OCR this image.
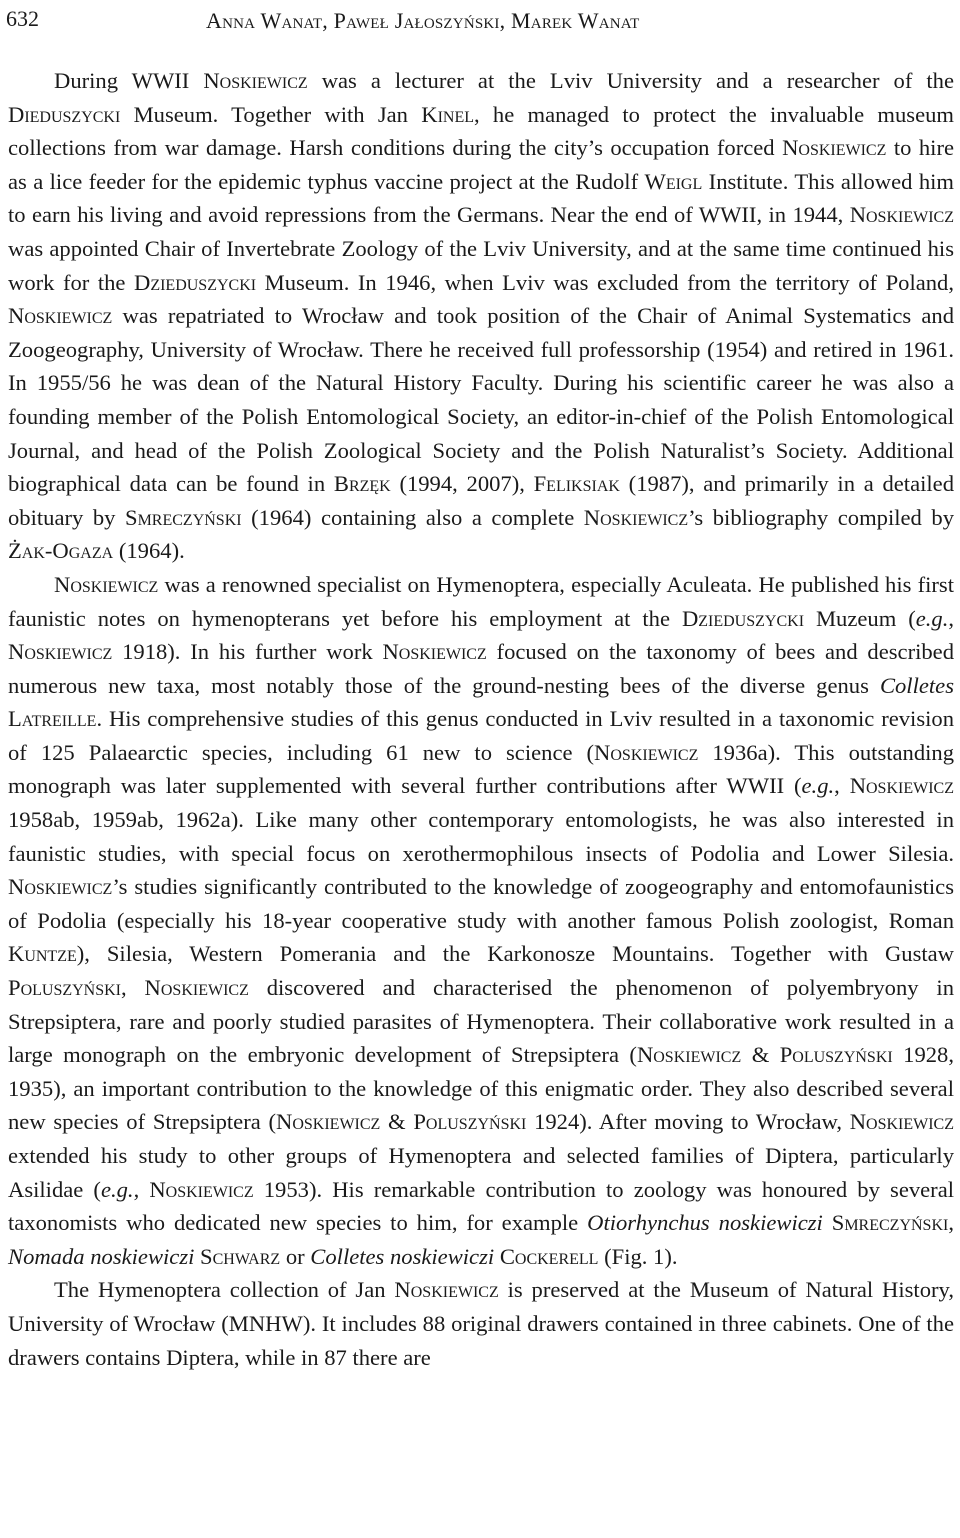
632	Anna Wanat, Paweł Jałoszyński, Marek Wanat

During WWII Noskiewicz was a lecturer at the Lviv University and a researcher of the Dieduszycki Museum. Together with Jan Kinel, he managed to protect the invaluable museum collections from war damage. Harsh conditions during the city’s occupation forced Noskiewicz to hire as a lice feeder for the epidemic typhus vaccine project at the Rudolf Weigl Institute. This allowed him to earn his living and avoid repressions from the Germans. Near the end of WWII, in 1944, Noskiewicz was appointed Chair of Invertebrate Zoology of the Lviv University, and at the same time continued his work for the Dzieduszycki Museum. In 1946, when Lviv was excluded from the territory of Poland, Noskiewicz was repatriated to Wrocław and took position of the Chair of Animal Systematics and Zoogeography, University of Wrocław. There he received full professorship (1954) and retired in 1961. In 1955/56 he was dean of the Natural History Faculty. During his scientific career he was also a founding member of the Polish Entomological Society, an editor-in-chief of the Polish Entomological Journal, and head of the Polish Zoological Society and the Polish Naturalist’s Society. Additional biographical data can be found in Brzęk (1994, 2007), Feliksiak (1987), and primarily in a detailed obituary by Smreczyński (1964) containing also a complete Noskiewicz’s bibliography compiled by Żak-Ogaza (1964).

Noskiewicz was a renowned specialist on Hymenoptera, especially Aculeata. He published his first faunistic notes on hymenopterans yet before his employment at the Dzieduszycki Muzeum (e.g., Noskiewicz 1918). In his further work Noskiewicz focused on the taxonomy of bees and described numerous new taxa, most notably those of the ground-nesting bees of the diverse genus Colletes Latreille. His comprehensive studies of this genus conducted in Lviv resulted in a taxonomic revision of 125 Palaearctic species, including 61 new to science (Noskiewicz 1936a). This outstanding monograph was later supplemented with several further contributions after WWII (e.g., Noskiewicz 1958ab, 1959ab, 1962a). Like many other contemporary entomologists, he was also interested in faunistic studies, with special focus on xerothermophilous insects of Podolia and Lower Silesia. Noskiewicz’s studies significantly contributed to the knowledge of zoogeography and entomofaunistics of Podolia (especially his 18-year cooperative study with another famous Polish zoologist, Roman Kuntze), Silesia, Western Pomerania and the Karkonosze Mountains. Together with Gustaw Poluszyński, Noskiewicz discovered and characterised the phenomenon of polyembryony in Strepsiptera, rare and poorly studied parasites of Hymenoptera. Their collaborative work resulted in a large monograph on the embryonic development of Strepsiptera (Noskiewicz & Poluszyński 1928, 1935), an important contribution to the knowledge of this enigmatic order. They also described several new species of Strepsiptera (Noskiewicz & Poluszyński 1924). After moving to Wrocław, Noskiewicz extended his study to other groups of Hymenoptera and selected families of Diptera, particularly Asilidae (e.g., Noskiewicz 1953). His remarkable contribution to zoology was honoured by several taxonomists who dedicated new species to him, for example Otiorhynchus noskiewiczi Smreczyński, Nomada noskiewiczi Schwarz or Colletes noskiewiczi Cockerell (Fig. 1).

The Hymenoptera collection of Jan Noskiewicz is preserved at the Museum of Natural History, University of Wrocław (MNHW). It includes 88 original drawers contained in three cabinets. One of the drawers contains Diptera, while in 87 there are
